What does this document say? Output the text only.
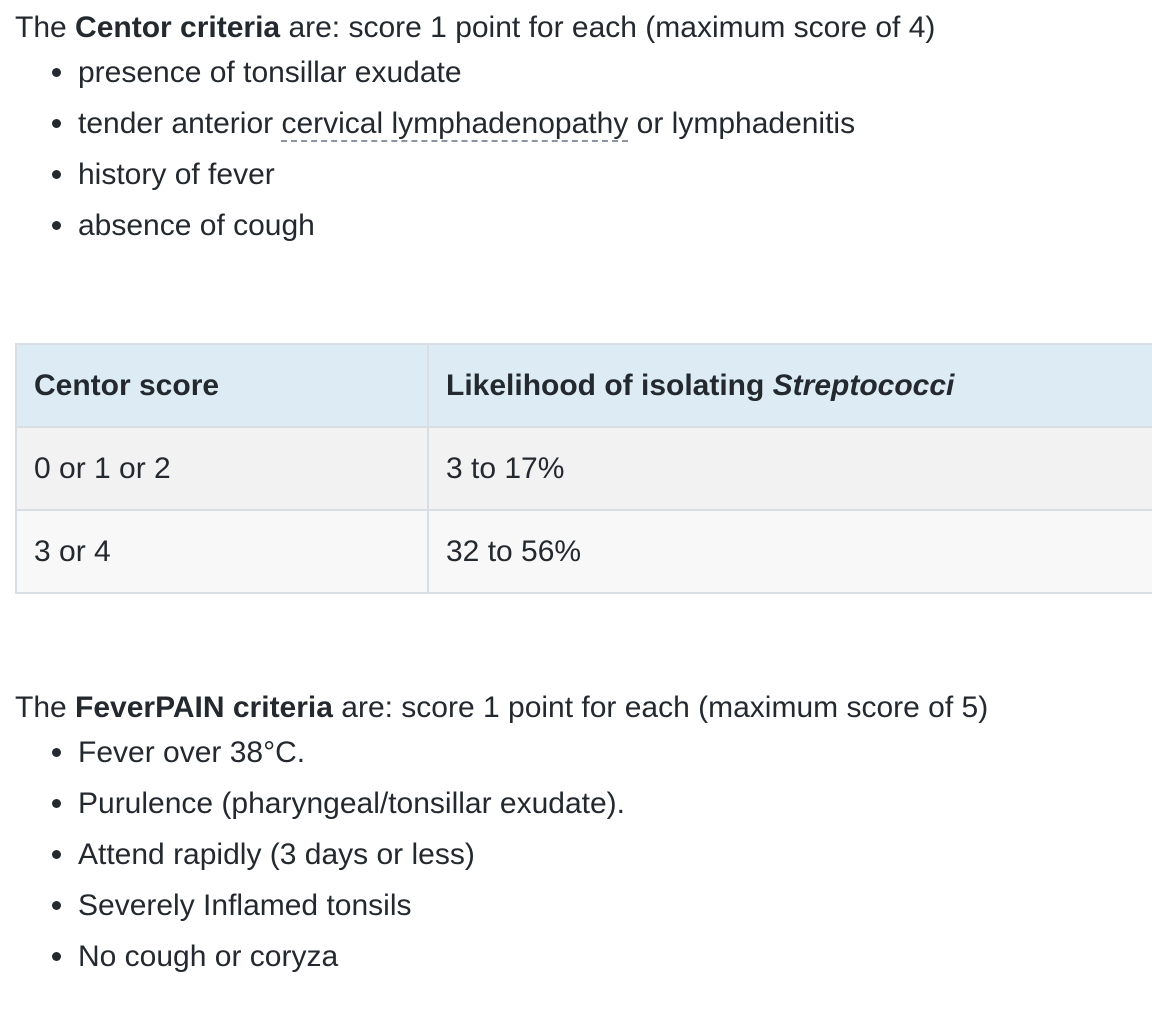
The Centor criteria are: score 1 point for each (maximum score of 4)

presence of tonsillar exudate
tender anterior cervical lymphadenopathy or lymphadenitis
history of fever
absence of cough
Centor score	Likelihood of isolating Streptococci
0 or 1 or 2	3 to 17%
3 or 4	32 to 56%

The FeverPAIN criteria are: score 1 point for each (maximum score of 5)

Fever over 38°C.
Purulence (pharyngeal/tonsillar exudate).
Attend rapidly (3 days or less)
Severely Inflamed tonsils
No cough or coryza
